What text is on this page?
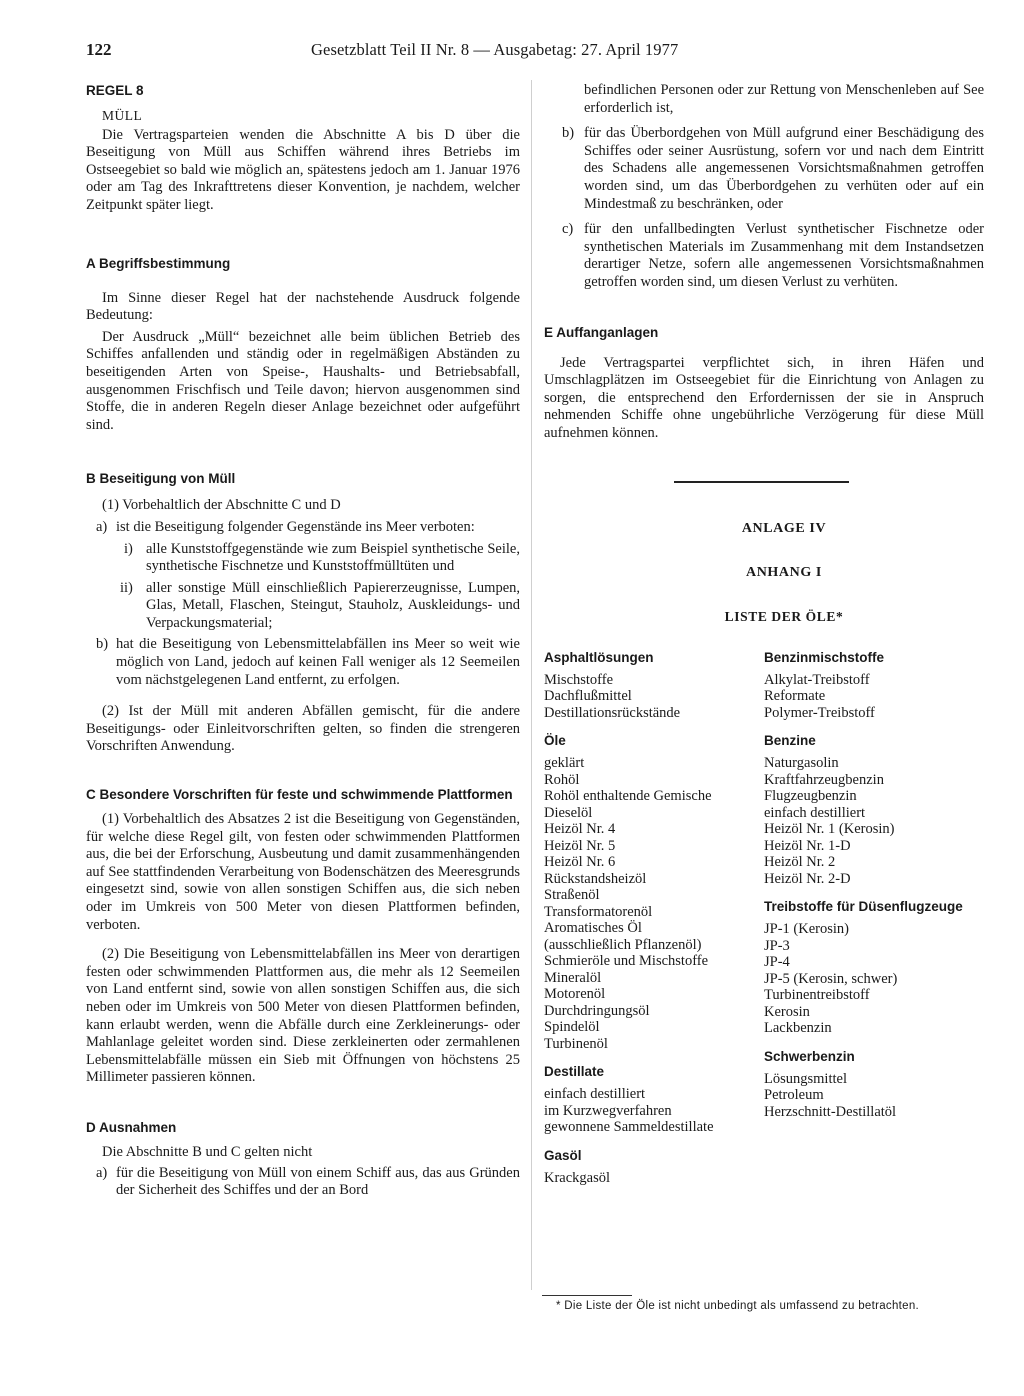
122	Gesetzblatt Teil II Nr. 8 — Ausgabetag: 27. April 1977
REGEL 8

MÜLL

Die Vertragsparteien wenden die Abschnitte A bis D über die Beseitigung von Müll aus Schiffen während ihres Betriebs im Ostseegebiet so bald wie möglich an, spätestens jedoch am 1. Januar 1976 oder am Tag des Inkrafttretens dieser Konvention, je nachdem, welcher Zeitpunkt später liegt.

A Begriffsbestimmung

Im Sinne dieser Regel hat der nachstehende Ausdruck folgende Bedeutung:

Der Ausdruck „Müll“ bezeichnet alle beim üblichen Betrieb des Schiffes anfallenden und ständig oder in regelmäßigen Abständen zu beseitigenden Arten von Speise-, Haushalts- und Betriebsabfall, ausgenommen Frischfisch und Teile davon; hiervon ausgenommen sind Stoffe, die in anderen Regeln dieser Anlage bezeichnet oder aufgeführt sind.

B Beseitigung von Müll

(1) Vorbehaltlich der Abschnitte C und D

a) ist die Beseitigung folgender Gegenstände ins Meer verboten:
i) alle Kunststoffgegenstände wie zum Beispiel synthetische Seile, synthetische Fischnetze und Kunststoffmülltüten und
ii) aller sonstige Müll einschließlich Papiererzeugnisse, Lumpen, Glas, Metall, Flaschen, Steingut, Stauholz, Auskleidungs- und Verpackungsmaterial;
b) hat die Beseitigung von Lebensmittelabfällen ins Meer so weit wie möglich von Land, jedoch auf keinen Fall weniger als 12 Seemeilen vom nächstgelegenen Land entfernt, zu erfolgen.

(2) Ist der Müll mit anderen Abfällen gemischt, für die andere Beseitigungs- oder Einleitvorschriften gelten, so finden die strengeren Vorschriften Anwendung.

C Besondere Vorschriften für feste und schwimmende Plattformen

(1) Vorbehaltlich des Absatzes 2 ist die Beseitigung von Gegenständen, für welche diese Regel gilt, von festen oder schwimmenden Plattformen aus, die bei der Erforschung, Ausbeutung und damit zusammenhängenden auf See stattfindenden Verarbeitung von Bodenschätzen des Meeresgrunds eingesetzt sind, sowie von allen sonstigen Schiffen aus, die sich neben oder im Umkreis von 500 Meter von diesen Plattformen befinden, verboten.

(2) Die Beseitigung von Lebensmittelabfällen ins Meer von derartigen festen oder schwimmenden Plattformen aus, die mehr als 12 Seemeilen von Land entfernt sind, sowie von allen sonstigen Schiffen aus, die sich neben oder im Umkreis von 500 Meter von diesen Plattformen befinden, kann erlaubt werden, wenn die Abfälle durch eine Zerkleinerungs- oder Mahlanlage geleitet worden sind. Diese zerkleinerten oder zermahlenen Lebensmittelabfälle müssen ein Sieb mit Öffnungen von höchstens 25 Millimeter passieren können.

D Ausnahmen

Die Abschnitte B und C gelten nicht

a) für die Beseitigung von Müll von einem Schiff aus, das aus Gründen der Sicherheit des Schiffes und der an Bord

befindlichen Personen oder zur Rettung von Menschenleben auf See erforderlich ist,

b) für das Überbordgehen von Müll aufgrund einer Beschädigung des Schiffes oder seiner Ausrüstung, sofern vor und nach dem Eintritt des Schadens alle angemessenen Vorsichtsmaßnahmen getroffen worden sind, um das Überbordgehen zu verhüten oder auf ein Mindestmaß zu beschränken, oder
c) für den unfallbedingten Verlust synthetischer Fischnetze oder synthetischen Materials im Zusammenhang mit dem Instandsetzen derartiger Netze, sofern alle angemessenen Vorsichtsmaßnahmen getroffen worden sind, um diesen Verlust zu verhüten.
E Auffanganlagen

Jede Vertragspartei verpflichtet sich, in ihren Häfen und Umschlagplätzen im Ostseegebiet für die Einrichtung von Anlagen zu sorgen, die entsprechend den Erfordernissen der sie in Anspruch nehmenden Schiffe ohne ungebührliche Verzögerung für diese Müll aufnehmen können.

ANLAGE IV
ANHANG I
LISTE DER ÖLE*
Asphaltlösungen
Mischstoffe
Dachflußmittel
Destillationsrückstände
Öle
geklärt
Rohöl
Rohöl enthaltende Gemische
Dieselöl
Heizöl Nr. 4
Heizöl Nr. 5
Heizöl Nr. 6
Rückstandsheizöl
Straßenöl
Transformatorenöl
Aromatisches Öl
(ausschließlich Pflanzenöl)
Schmieröle und Mischstoffe
Mineralöl
Motorenöl
Durchdringungsöl
Spindelöl
Turbinenöl
Destillate
einfach destilliert
im Kurzwegverfahren
gewonnene Sammeldestillate
Gasöl
Krackgasöl
Benzinmischstoffe
Alkylat-Treibstoff
Reformate
Polymer-Treibstoff
Benzine
Naturgasolin
Kraftfahrzeugbenzin
Flugzeugbenzin
einfach destilliert
Heizöl Nr. 1 (Kerosin)
Heizöl Nr. 1-D
Heizöl Nr. 2
Heizöl Nr. 2-D
Treibstoffe für Düsenflugzeuge
JP-1 (Kerosin)
JP-3
JP-4
JP-5 (Kerosin, schwer)
Turbinentreibstoff
Kerosin
Lackbenzin
Schwerbenzin
Lösungsmittel
Petroleum
Herzschnitt-Destillatöl
* Die Liste der Öle ist nicht unbedingt als umfassend zu betrachten.
